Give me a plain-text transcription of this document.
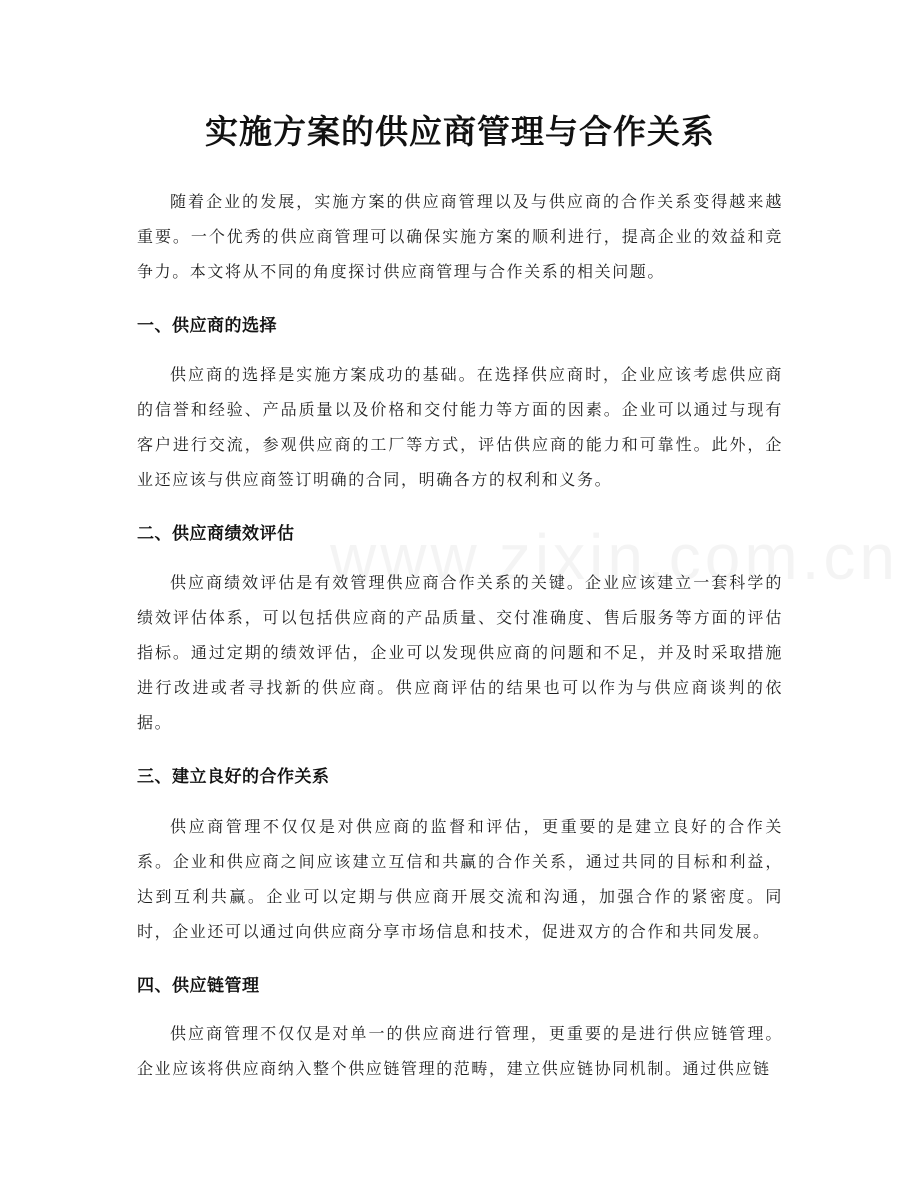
实施方案的供应商管理与合作关系

随着企业的发展，实施方案的供应商管理以及与供应商的合作关系变得越来越重要。一个优秀的供应商管理可以确保实施方案的顺利进行，提高企业的效益和竞争力。本文将从不同的角度探讨供应商管理与合作关系的相关问题。

一、供应商的选择

供应商的选择是实施方案成功的基础。在选择供应商时，企业应该考虑供应商的信誉和经验、产品质量以及价格和交付能力等方面的因素。企业可以通过与现有客户进行交流，参观供应商的工厂等方式，评估供应商的能力和可靠性。此外，企业还应该与供应商签订明确的合同，明确各方的权利和义务。

二、供应商绩效评估

供应商绩效评估是有效管理供应商合作关系的关键。企业应该建立一套科学的绩效评估体系，可以包括供应商的产品质量、交付准确度、售后服务等方面的评估指标。通过定期的绩效评估，企业可以发现供应商的问题和不足，并及时采取措施进行改进或者寻找新的供应商。供应商评估的结果也可以作为与供应商谈判的依据。

三、建立良好的合作关系

供应商管理不仅仅是对供应商的监督和评估，更重要的是建立良好的合作关系。企业和供应商之间应该建立互信和共赢的合作关系，通过共同的目标和利益，达到互利共赢。企业可以定期与供应商开展交流和沟通，加强合作的紧密度。同时，企业还可以通过向供应商分享市场信息和技术，促进双方的合作和共同发展。

四、供应链管理

供应商管理不仅仅是对单一的供应商进行管理，更重要的是进行供应链管理。企业应该将供应商纳入整个供应链管理的范畴，建立供应链协同机制。通过供应链
